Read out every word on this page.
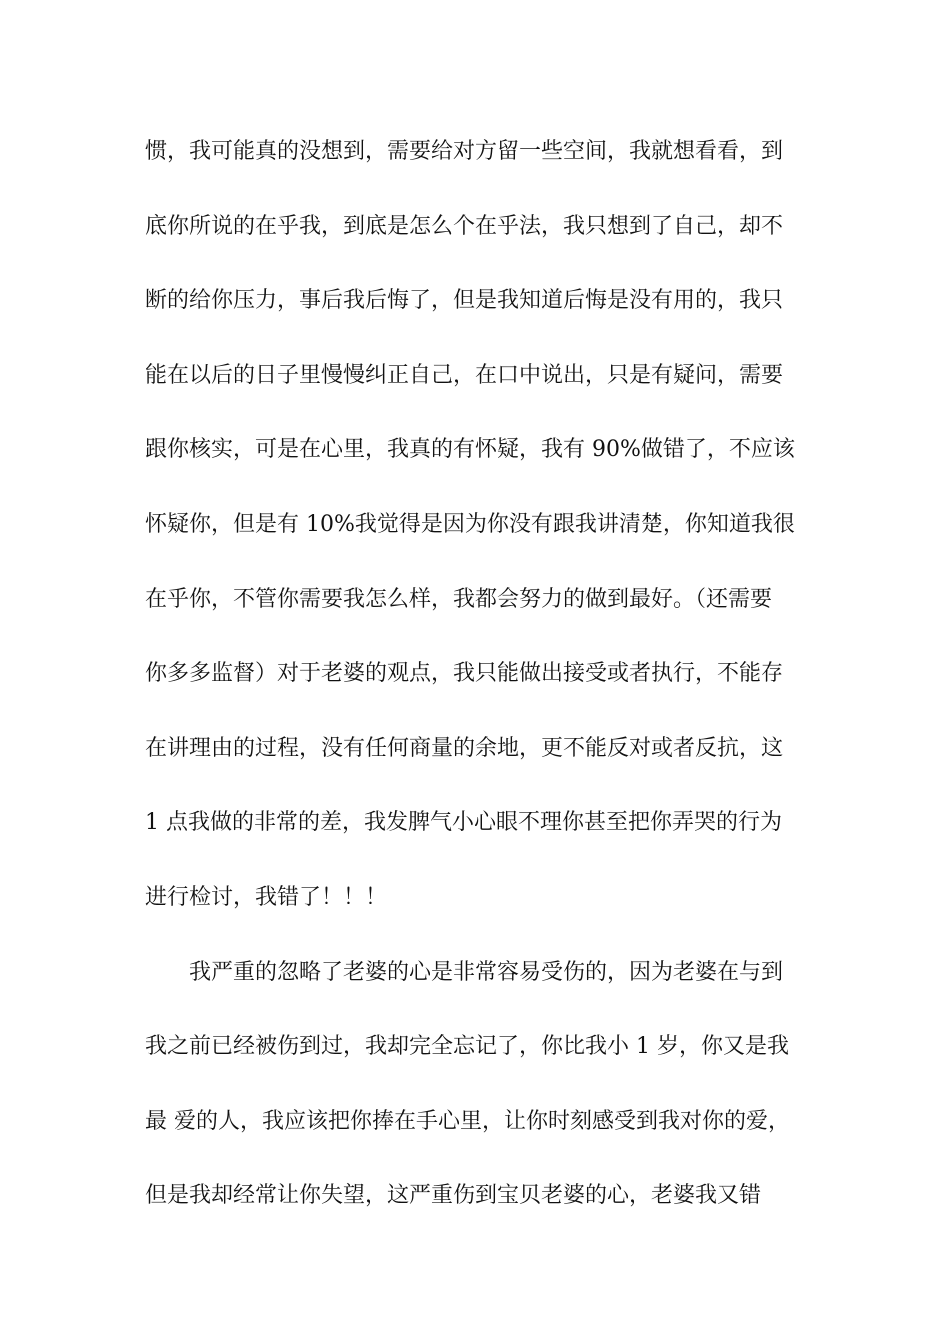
惯，我可能真的没想到，需要给对方留一些空间，我就想看看，到
底你所说的在乎我，到底是怎么个在乎法，我只想到了自己，却不
断的给你压力，事后我后悔了，但是我知道后悔是没有用的，我只
能在以后的日子里慢慢纠正自己，在口中说出，只是有疑问，需要
跟你核实，可是在心里，我真的有怀疑，我有 90%做错了，不应该
怀疑你，但是有 10%我觉得是因为你没有跟我讲清楚，你知道我很
在乎你，不管你需要我怎么样，我都会努力的做到最好。（还需要
你多多监督）对于老婆的观点，我只能做出接受或者执行，不能存
在讲理由的过程，没有任何商量的余地，更不能反对或者反抗，这
1 点我做的非常的差，我发脾气小心眼不理你甚至把你弄哭的行为
进行检讨，我错了！！！
我严重的忽略了老婆的心是非常容易受伤的，因为老婆在与到
我之前已经被伤到过，我却完全忘记了，你比我小 1 岁，你又是我
最 爱的人，我应该把你捧在手心里，让你时刻感受到我对你的爱，
但是我却经常让你失望，这严重伤到宝贝老婆的心，老婆我又错
